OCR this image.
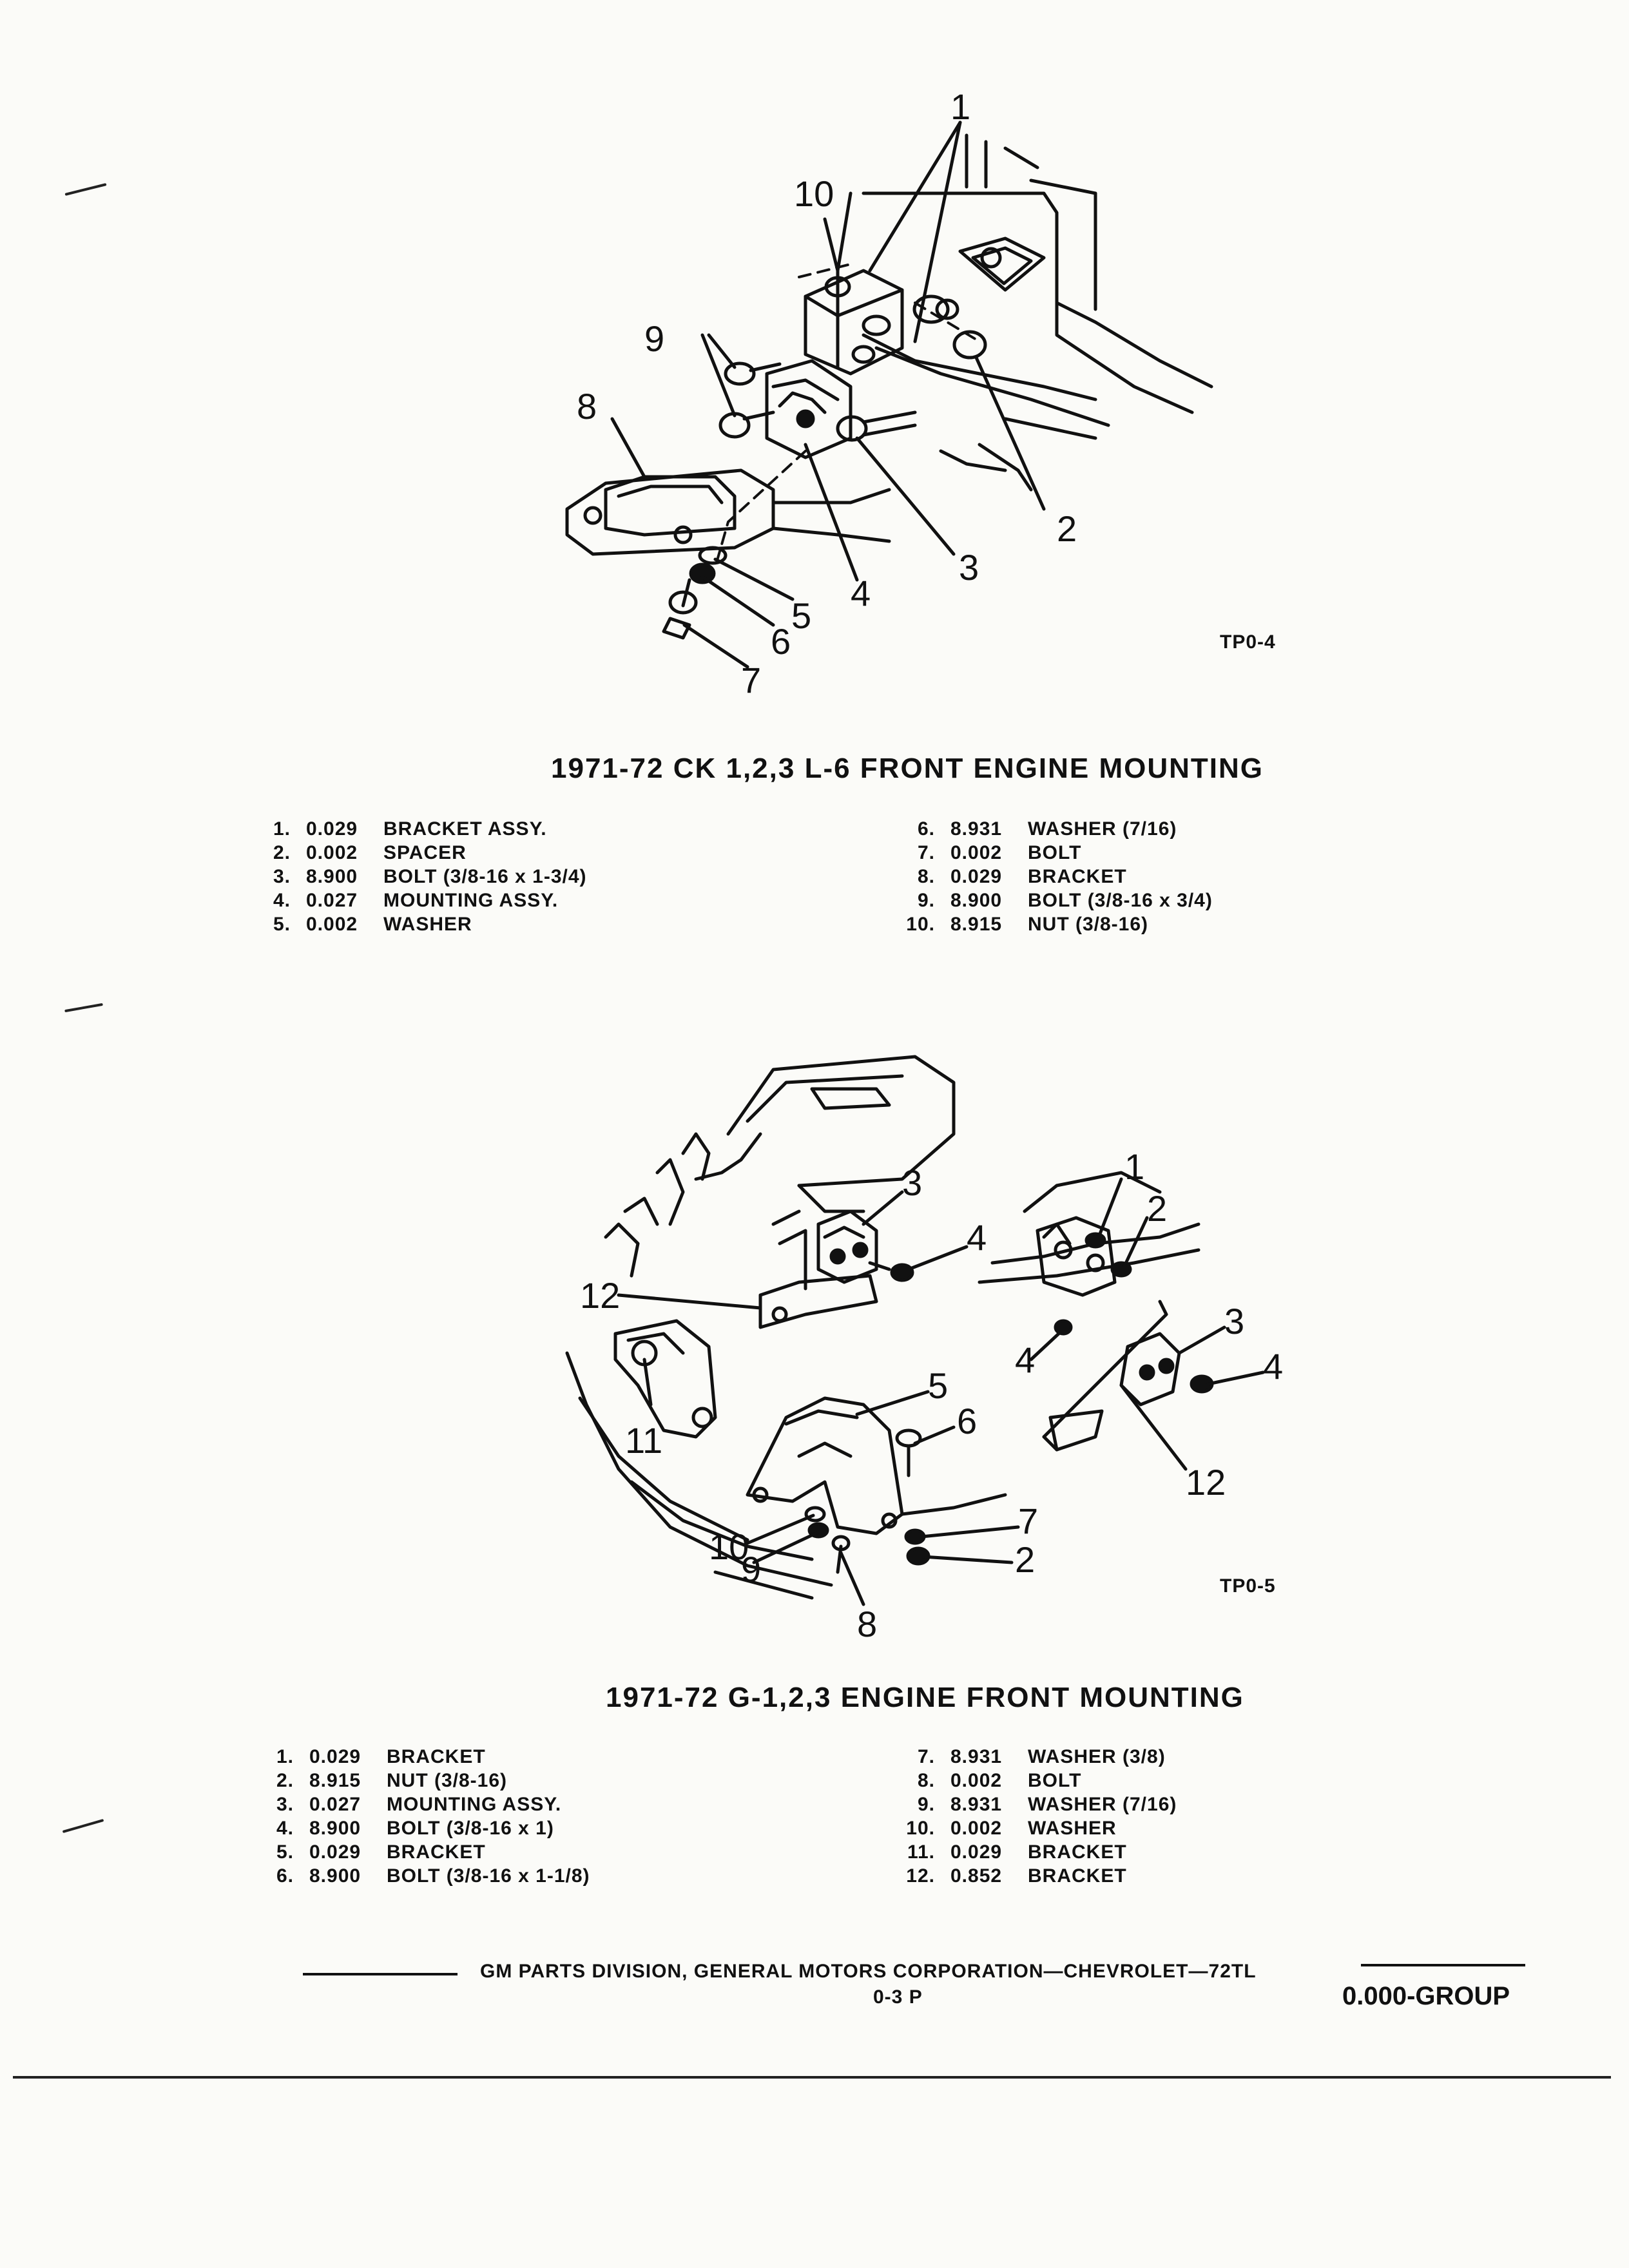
1
10
9
8
2
3
4
5
6
7
TP0-4
1971-72 CK 1,2,3 L-6 FRONT ENGINE MOUNTING
1. 0.029	BRACKET ASSY.
2. 0.002	SPACER
3. 8.900	BOLT (3/8-16 x 1-3/4)
4. 0.027	MOUNTING ASSY.
5. 0.002	WASHER
6. 8.931	WASHER (7/16)
7. 0.002	BOLT
8. 0.029	BRACKET
9. 8.900	BOLT (3/8-16 x 3/4)
10. 8.915	NUT (3/8-16)
1
2
3
4
12
5
6
11
7
10
9
8
2
3
4
4
12
TP0-5
1971-72 G-1,2,3 ENGINE FRONT MOUNTING
1. 0.029	BRACKET
2. 8.915	NUT (3/8-16)
3. 0.027	MOUNTING ASSY.
4. 8.900	BOLT (3/8-16 x 1)
5. 0.029	BRACKET
6. 8.900	BOLT (3/8-16 x 1-1/8)
7. 8.931	WASHER (3/8)
8. 0.002	BOLT
9. 8.931	WASHER (7/16)
10. 0.002	WASHER
11. 0.029	BRACKET
12. 0.852	BRACKET
GM PARTS DIVISION, GENERAL MOTORS CORPORATION—CHEVROLET—72TL
0-3 P	0.000-GROUP
